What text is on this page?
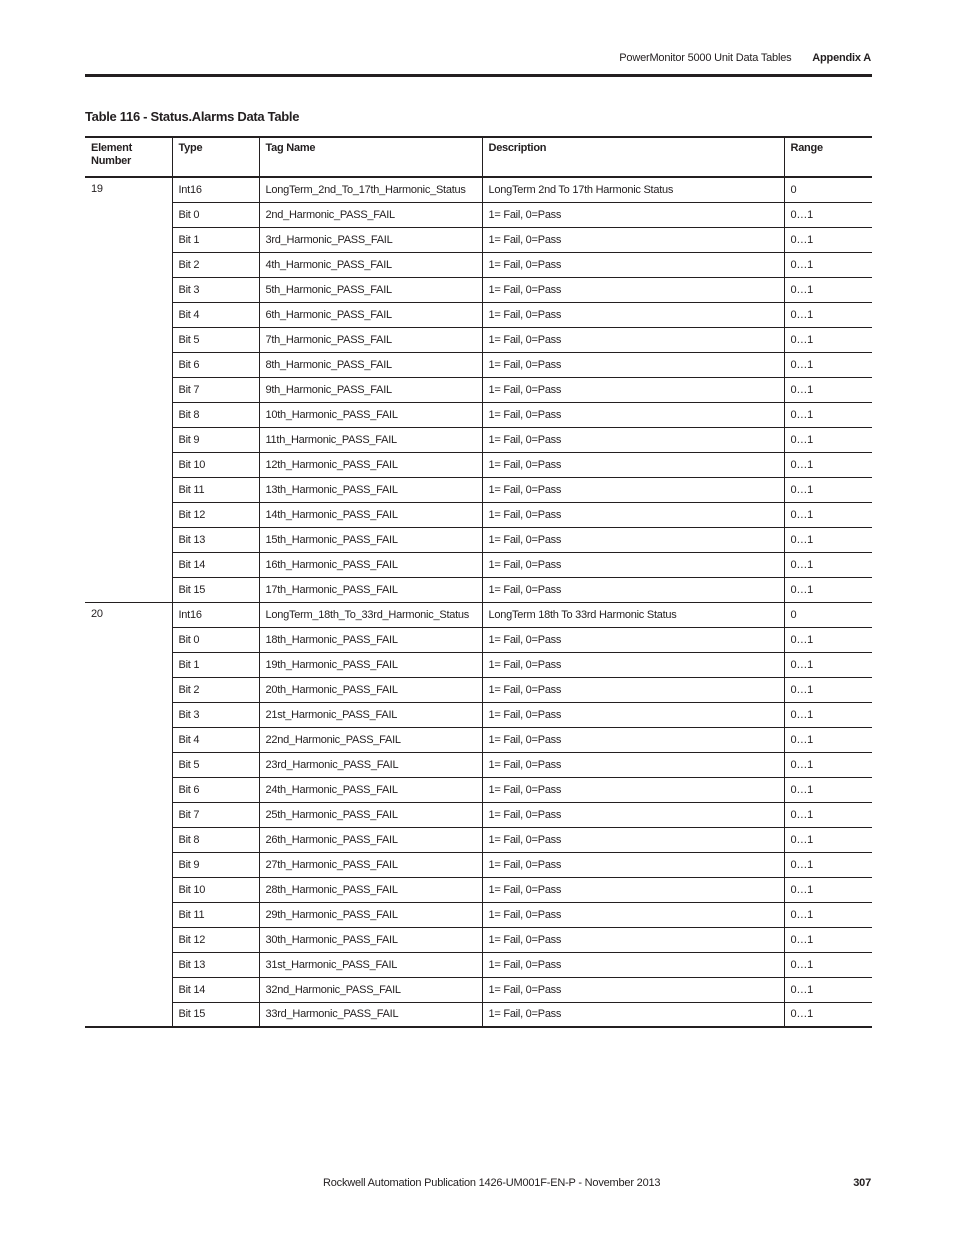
PowerMonitor 5000 Unit Data Tables Appendix A
Table 116 - Status.Alarms Data Table
Element Number	Type	Tag Name	Description	Range
19	Int16	LongTerm_2nd_To_17th_Harmonic_Status	LongTerm 2nd To 17th Harmonic Status	0
	Bit 0	2nd_Harmonic_PASS_FAIL	1= Fail, 0=Pass	0…1
	Bit 1	3rd_Harmonic_PASS_FAIL	1= Fail, 0=Pass	0…1
	Bit 2	4th_Harmonic_PASS_FAIL	1= Fail, 0=Pass	0…1
	Bit 3	5th_Harmonic_PASS_FAIL	1= Fail, 0=Pass	0…1
	Bit 4	6th_Harmonic_PASS_FAIL	1= Fail, 0=Pass	0…1
	Bit 5	7th_Harmonic_PASS_FAIL	1= Fail, 0=Pass	0…1
	Bit 6	8th_Harmonic_PASS_FAIL	1= Fail, 0=Pass	0…1
	Bit 7	9th_Harmonic_PASS_FAIL	1= Fail, 0=Pass	0…1
	Bit 8	10th_Harmonic_PASS_FAIL	1= Fail, 0=Pass	0…1
	Bit 9	11th_Harmonic_PASS_FAIL	1= Fail, 0=Pass	0…1
	Bit 10	12th_Harmonic_PASS_FAIL	1= Fail, 0=Pass	0…1
	Bit 11	13th_Harmonic_PASS_FAIL	1= Fail, 0=Pass	0…1
	Bit 12	14th_Harmonic_PASS_FAIL	1= Fail, 0=Pass	0…1
	Bit 13	15th_Harmonic_PASS_FAIL	1= Fail, 0=Pass	0…1
	Bit 14	16th_Harmonic_PASS_FAIL	1= Fail, 0=Pass	0…1
	Bit 15	17th_Harmonic_PASS_FAIL	1= Fail, 0=Pass	0…1
20	Int16	LongTerm_18th_To_33rd_Harmonic_Status	LongTerm 18th To 33rd Harmonic Status	0
	Bit 0	18th_Harmonic_PASS_FAIL	1= Fail, 0=Pass	0…1
	Bit 1	19th_Harmonic_PASS_FAIL	1= Fail, 0=Pass	0…1
	Bit 2	20th_Harmonic_PASS_FAIL	1= Fail, 0=Pass	0…1
	Bit 3	21st_Harmonic_PASS_FAIL	1= Fail, 0=Pass	0…1
	Bit 4	22nd_Harmonic_PASS_FAIL	1= Fail, 0=Pass	0…1
	Bit 5	23rd_Harmonic_PASS_FAIL	1= Fail, 0=Pass	0…1
	Bit 6	24th_Harmonic_PASS_FAIL	1= Fail, 0=Pass	0…1
	Bit 7	25th_Harmonic_PASS_FAIL	1= Fail, 0=Pass	0…1
	Bit 8	26th_Harmonic_PASS_FAIL	1= Fail, 0=Pass	0…1
	Bit 9	27th_Harmonic_PASS_FAIL	1= Fail, 0=Pass	0…1
	Bit 10	28th_Harmonic_PASS_FAIL	1= Fail, 0=Pass	0…1
	Bit 11	29th_Harmonic_PASS_FAIL	1= Fail, 0=Pass	0…1
	Bit 12	30th_Harmonic_PASS_FAIL	1= Fail, 0=Pass	0…1
	Bit 13	31st_Harmonic_PASS_FAIL	1= Fail, 0=Pass	0…1
	Bit 14	32nd_Harmonic_PASS_FAIL	1= Fail, 0=Pass	0…1
	Bit 15	33rd_Harmonic_PASS_FAIL	1= Fail, 0=Pass	0…1
Rockwell Automation Publication 1426-UM001F-EN-P - November 2013	307
